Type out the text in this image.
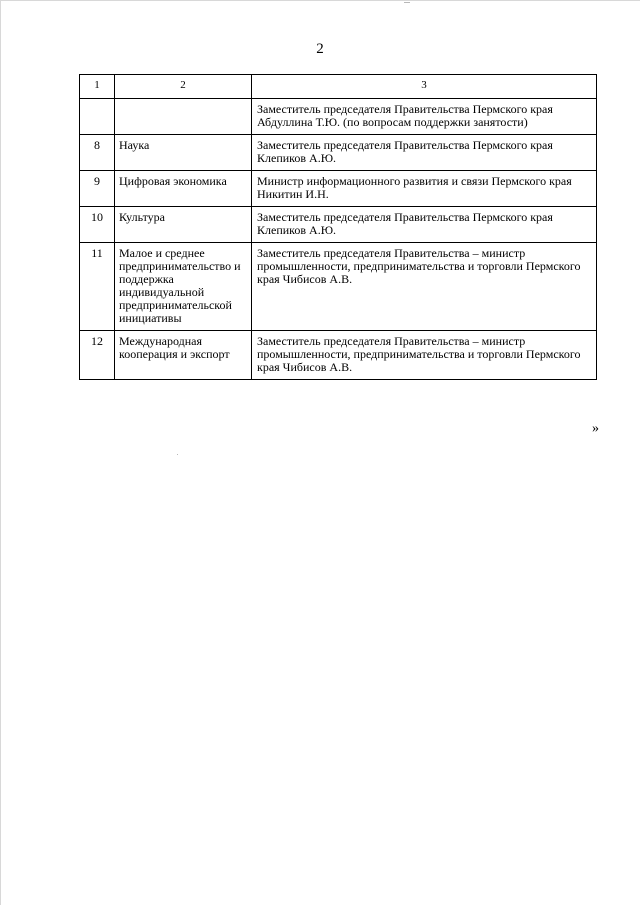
2
1	2	3
		Заместитель председателя Правительства Пермского края Абдуллина Т.Ю. (по вопросам поддержки занятости)
8	Наука	Заместитель председателя Правительства Пермского края Клепиков А.Ю.
9	Цифровая экономика	Министр информационного развития и связи Пермского края Никитин И.Н.
10	Культура	Заместитель председателя Правительства Пермского края Клепиков А.Ю.
11	Малое и среднее предпринимательство и поддержка индивидуальной предпринимательской инициативы	Заместитель председателя Правительства – министр промышленности, предпринимательства и торговли Пермского края Чибисов А.В.
12	Международная кооперация и экспорт	Заместитель председателя Правительства – министр промышленности, предпринимательства и торговли Пермского края Чибисов А.В.
»
